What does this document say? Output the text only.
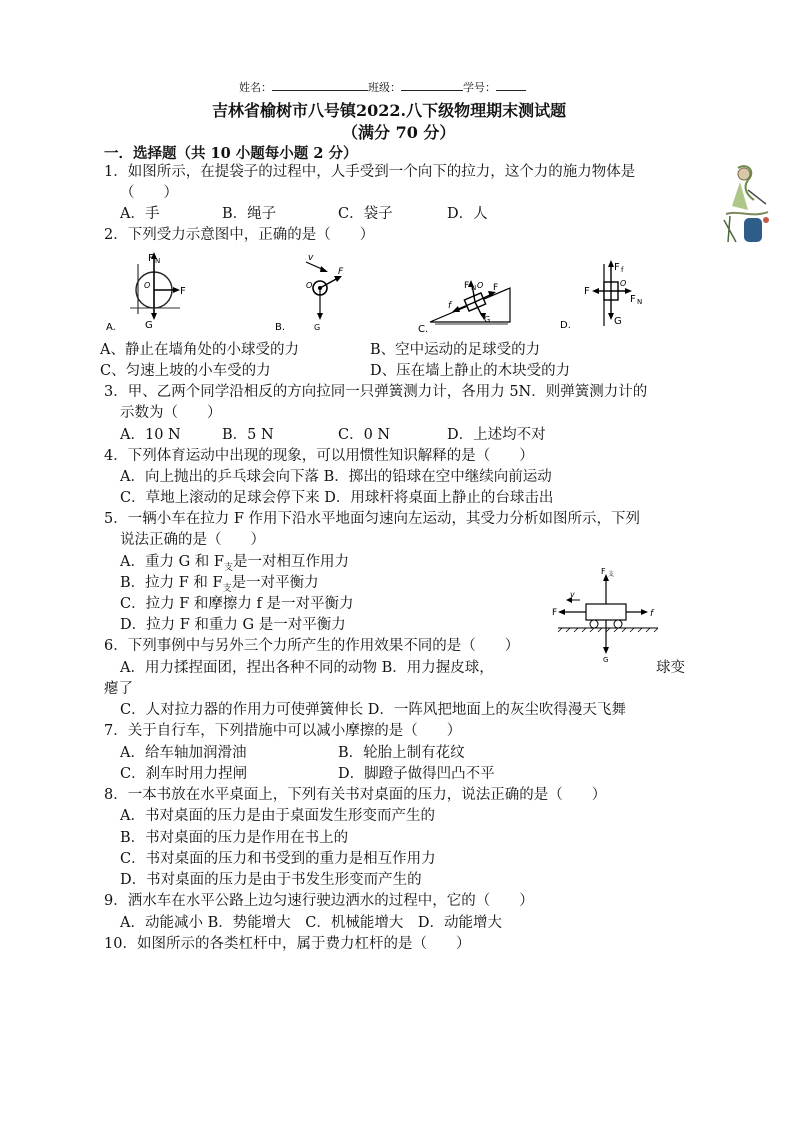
姓名：	班级：	学号：
吉林省榆树市八号镇2022.八下级物理期末测试题
（满分 70 分）
一．选择题（共 10 小题每小题 2 分）
1．如图所示，在提袋子的过程中，人手受到一个向下的拉力，这个力的施力物体是
（　　）
A．手	B．绳子	C．袋子	D．人
2．下列受力示意图中，正确的是（　　）
F N
F
G
O
A.
v
F
G
O
B.
F N O F
f
G
C.
F f
F
F N
G
O
D.
A、静止在墙角处的小球受的力	B、空中运动的足球受的力
C、匀速上坡的小车受的力	D、压在墙上静止的木块受的力
3．甲、乙两个同学沿相反的方向拉同一只弹簧测力计，各用力 5N．则弹簧测力计的
示数为（　　）
A．10 N	B．5 N	C．0 N	D．上述均不对
4．下列体育运动中出现的现象，可以用惯性知识解释的是（　　）
A．向上抛出的乒乓球会向下落 B．掷出的铅球在空中继续向前运动
C．草地上滚动的足球会停下来 D．用球杆将桌面上静止的台球击出
5．一辆小车在拉力 F 作用下沿水平地面匀速向左运动，其受力分析如图所示，下列
说法正确的是（　　）
A．重力 G 和 $F_支$是一对相互作用力
B．拉力 F 和 $F_支$是一对平衡力
C．拉力 F 和摩擦力 f 是一对平衡力
D．拉力 F 和重力 G 是一对平衡力
F 支
v
F	f
G
6．下列事例中与另外三个力所产生的作用效果不同的是（　　）
A．用力揉捏面团，捏出各种不同的动物 B．用力握皮球，	球变
瘪了
C．人对拉力器的作用力可使弹簧伸长 D．一阵风把地面上的灰尘吹得漫天飞舞
7．关于自行车，下列措施中可以减小摩擦的是（　　）
A．给车轴加润滑油	B．轮胎上制有花纹
C．刹车时用力捏闸	D．脚蹬子做得凹凸不平
8．一本书放在水平桌面上，下列有关书对桌面的压力，说法正确的是（　　）
A．书对桌面的压力是由于桌面发生形变而产生的
B．书对桌面的压力是作用在书上的
C．书对桌面的压力和书受到的重力是相互作用力
D．书对桌面的压力是由于书发生形变而产生的
9．洒水车在水平公路上边匀速行驶边洒水的过程中，它的（　　）
A．动能减小 B．势能增大　C．机械能增大　D．动能增大
10．如图所示的各类杠杆中，属于费力杠杆的是（　　）
